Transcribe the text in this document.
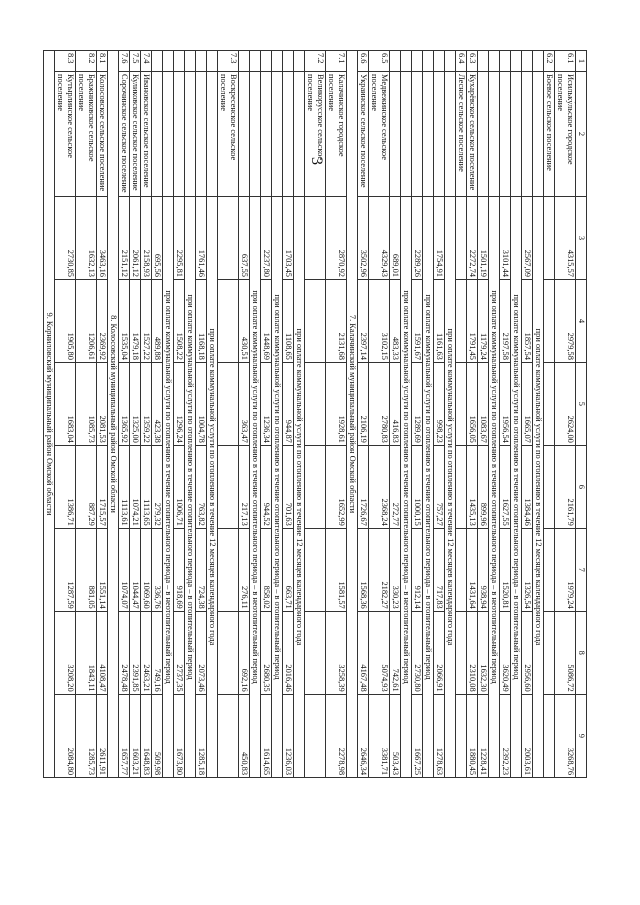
3
1	2	3	4	5	6	7	8	9
6.1	Исильку́льское городское поселение	4315,57	2979,58	2624,00	2161,79	1979,24	5086,72	3268,76
6.2	Боевое сельское поселение							
		при оплате коммунальной услуги по отоплению в течение 12 месяцев календарного года						
		2567,09	1857,54	1665,07	1384,46	1326,54	2956,60	2003,61
		при оплате коммунальной услуги по отоплению в течение отопительного периода – в отопительный период						
		3101,44	2197,58	1956,54	1627,55	1520,81	3620,49	2392,23
		при оплате коммунальной услуги по отоплению в течение отопительного периода – в неотопительный период						
		1501,19	1179,24	1083,67	899,96	938,94	1632,30	1228,41
6.3	Кухарёвское сельское поселение	2272,74	1791,45	1656,05	1435,13	1431,64	2310,08	1880,45
6.4	Лесное сельское поселение							
		при оплате коммунальной услуги по отоплению в течение 12 месяцев календарного года						
		1754,91	1161,63	998,23	757,27	717,83	2066,91	1278,63
		при оплате коммунальной услуги по отоплению в течение отопительного периода – в отопительный период						
		2289,26	1591,67	1289,69	1000,15	912,14	2730,80	1667,25
		при оплате коммунальной услуги по отоплению в течение отопительного периода – в неотопительный период						
		689,01	483,33	416,83	272,77	330,23	742,61	503,43
6.5	Медвежинское сельское поселение	4329,43	3102,15	2780,83	2368,24	2182,27	5074,93	3381,71
6.6	Украинское сельское поселение	3502,96	2397,14	2106,19	1726,67	1568,36	4167,48	2646,34
7. Калачинский муниципальный район Омской области								
7.1	Калачинское городское поселение	2870,92	2131,68	1928,61	1652,99	1581,57	3258,39	2278,98
7.2	Великорусское сельское поселение							
		при оплате коммунальной услуги по отоплению в течение 12 месяцев календарного года						
		1703,45	1108,65	944,87	701,63	663,71	2016,46	1236,03
		при оплате коммунальной услуги по отоплению в течение отопительного периода – в отопительный период						
		2237,80	1448,69	1236,34	944,52	858,02	2680,35	1614,65
		при оплате коммунальной услуги по отоплению в течение отопительного периода – в неотопительный период						
		637,55	430,51	363,47	217,13	276,11	692,16	450,83
7.3	Воскресенское сельское поселение							
		при оплате коммунальной услуги по отоплению в течение 12 месяцев календарного года						
		1761,46	1168,18	1004,78	763,82	724,38	2073,46	1285,18
		при оплате коммунальной услуги по отоплению в течение отопительного периода – в отопительный период						
		2295,81	1508,22	1296,24	1006,71	918,69	2737,35	1673,80
		при оплате коммунальной услуги по отоплению в течение отопительного периода – в неотопительный период						
		695,56	489,88	423,38	279,32	336,76	749,16	509,98
7.4	Ивановское сельское поселение	2158,93	1527,22	1359,22	1113,65	1069,60	2463,21	1648,83
7.5	Куликовское сельское поселение	2061,12	1479,18	1325,00	1074,21	1044,47	2391,85	1603,21
7.6	Сорочинское сельское поселение	2151,12	1535,04	1365,92	1113,61	1074,07	2478,48	1657,77
8. Колосовский муниципальный район Омской области								
8.1	Колосовское сельское поселение	3463,16	2369,92	2081,53	1715,57	1551,14	4108,47	2611,91
8.2	Бражниковское сельское поселение	1632,13	1206,61	1085,73	887,29	881,05	1843,11	1285,73
8.3	Кутырлинское сельское поселение	2730,85	1905,80	1683,04	1386,71	1287,59	3208,20	2084,80
9. Корниловский муниципальный район Омской области								
